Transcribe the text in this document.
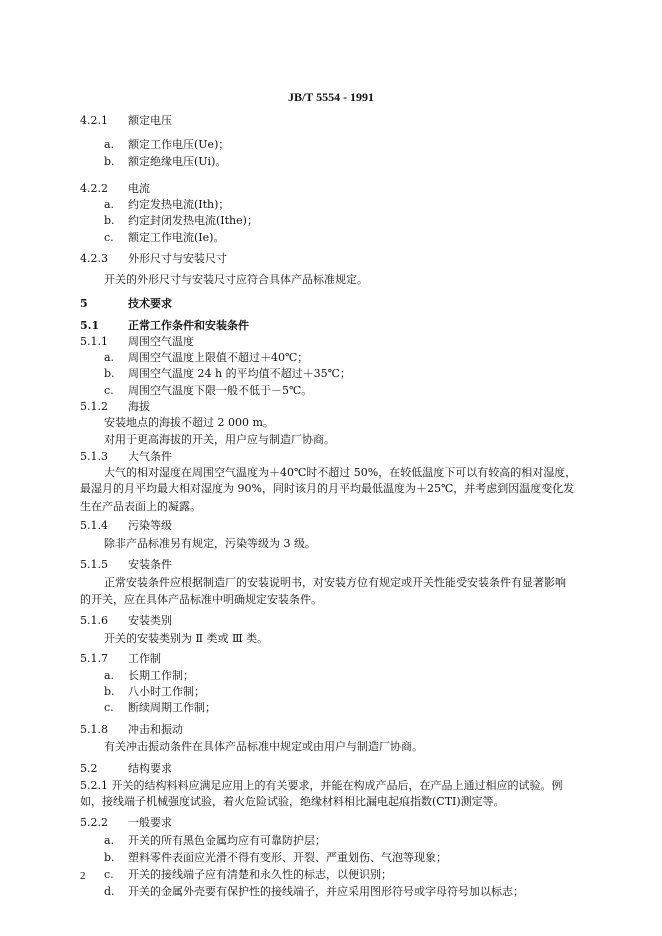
JB/T 5554 - 1991
4.2.1 额定电压
a. 额定工作电压(Ue)；
b. 额定绝缘电压(Ui)。
4.2.2 电流
a. 约定发热电流(Ith)；
b. 约定封闭发热电流(Ithe)；
c. 额定工作电流(Ie)。
4.2.3 外形尺寸与安装尺寸
开关的外形尺寸与安装尺寸应符合具体产品标准规定。
5	技术要求
5.1	正常工作条件和安装条件
5.1.1 周围空气温度
a. 周围空气温度上限值不超过＋40℃；
b. 周围空气温度 24 h 的平均值不超过＋35℃；
c. 周围空气温度下限一般不低于－5℃。
5.1.2 海拔
安装地点的海拔不超过 2 000 m。
对用于更高海拔的开关，用户应与制造厂协商。
5.1.3 大气条件
大气的相对湿度在周围空气温度为＋40℃时不超过 50%，在较低温度下可以有较高的相对湿度，
最湿月的月平均最大相对湿度为 90%，同时该月的月平均最低温度为＋25℃，并考虑到因温度变化发
生在产品表面上的凝露。
5.1.4 污染等级
除非产品标准另有规定，污染等级为 3 级。
5.1.5 安装条件
正常安装条件应根据制造厂的安装说明书，对安装方位有规定或开关性能受安装条件有显著影响
的开关，应在具体产品标准中明确规定安装条件。
5.1.6 安装类别
开关的安装类别为 Ⅱ 类或 Ⅲ 类。
5.1.7 工作制
a. 长期工作制；
b. 八小时工作制；
c. 断续周期工作制；
5.1.8 冲击和振动
有关冲击振动条件在具体产品标准中规定或由用户与制造厂协商。
5.2	结构要求
5.2.1 开关的结构料料应满足应用上的有关要求，并能在构成产品后，在产品上通过相应的试验。例
如，接线端子机械强度试验，着火危险试验，绝缘材料相比漏电起痕指数(CTI)测定等。
5.2.2 一般要求
a. 开关的所有黑色金属均应有可靠防护层；
b. 塑料零件表面应光滑不得有变形、开裂、严重划伤、气泡等现象；
c. 开关的接线端子应有清楚和永久性的标志，以便识别；
d. 开关的金属外壳要有保护性的接线端子，并应采用图形符号或字母符号加以标志；
2
